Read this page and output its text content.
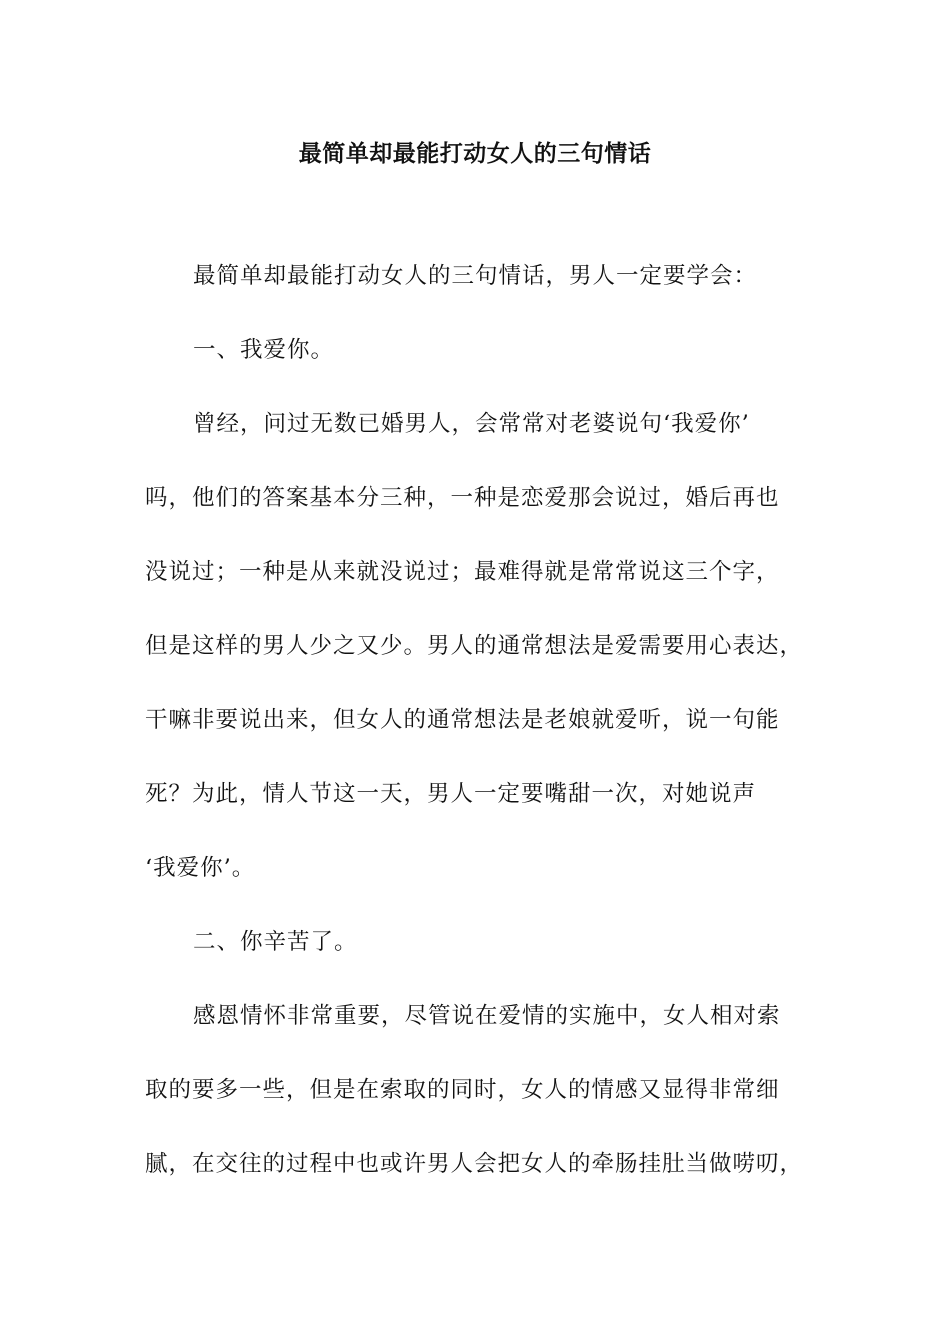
最简单却最能打动女人的三句情话
最简单却最能打动女人的三句情话，男人一定要学会：
一、我爱你。
曾经，问过无数已婚男人，会常常对老婆说句‘我爱你’
吗，他们的答案基本分三种，一种是恋爱那会说过，婚后再也
没说过；一种是从来就没说过；最难得就是常常说这三个字，
但是这样的男人少之又少。男人的通常想法是爱需要用心表达，
干嘛非要说出来，但女人的通常想法是老娘就爱听，说一句能
死？为此，情人节这一天，男人一定要嘴甜一次，对她说声
‘我爱你’。
二、你辛苦了。
感恩情怀非常重要，尽管说在爱情的实施中，女人相对索
取的要多一些，但是在索取的同时，女人的情感又显得非常细
腻，在交往的过程中也或许男人会把女人的牵肠挂肚当做唠叨，
